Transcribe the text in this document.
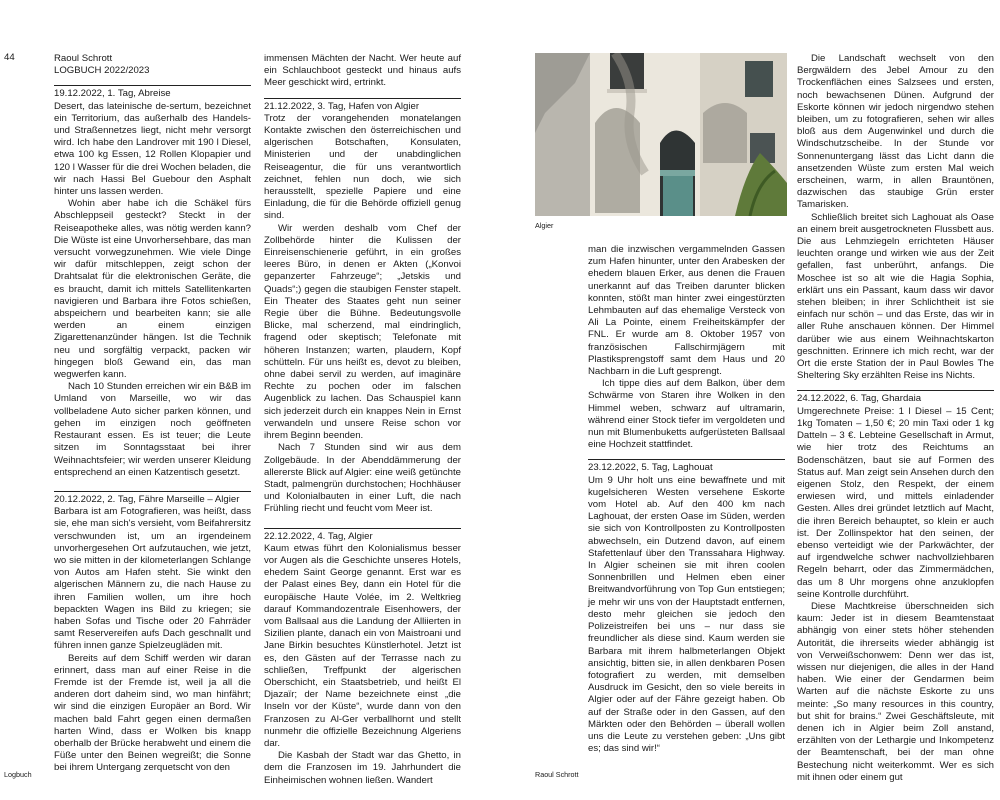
44	Raoul Schrott
LOGBUCH 2022/2023
19.12.2022, 1. Tag, Abreise

Desert, das lateinische de-sertum, bezeichnet ein Territorium, das außerhalb des Handels- und Straßennetzes liegt, nicht mehr versorgt wird. Ich habe den Landrover mit 190 l Diesel, etwa 100 kg Essen, 12 Rollen Klopapier und 120 l Wasser für die drei Wochen beladen, die wir nach Hassi Bel Guebour den Asphalt hinter uns lassen werden.

Wohin aber habe ich die Schäkel fürs Abschleppseil gesteckt? Steckt in der Reiseapotheke alles, was nötig werden kann? Die Wüste ist eine Unvorhersehbare, das man versucht vorwegzunehmen. Wie viele Dinge wir dafür mitschleppen, zeigt schon der Drahtsalat für die elektronischen Geräte, die es braucht, damit ich mittels Satellitenkarten navigieren und Barbara ihre Fotos schießen, abspeichern und bearbeiten kann; sie alle werden an einem einzigen Zigarettenanzünder hängen. Ist die Technik neu und sorgfältig verpackt, packen wir hingegen bloß Gewand ein, das man wegwerfen kann.

Nach 10 Stunden erreichen wir ein B&B im Umland von Marseille, wo wir das vollbeladene Auto sicher parken können, und gehen im einzigen noch geöffneten Restaurant essen. Es ist teuer; die Leute sitzen im Sonntagsstaat bei ihrer Weihnachtsfeier; wir werden unserer Kleidung entsprechend an einen Katzentisch gesetzt.

20.12.2022, 2. Tag, Fähre Marseille – Algier

Barbara ist am Fotografieren, was heißt, dass sie, ehe man sich's versieht, vom Beifahrersitz verschwunden ist, um an irgendeinem unvorhergesehen Ort aufzutauchen, wie jetzt, wo sie mitten in der kilometerlangen Schlange von Autos am Hafen steht. Sie winkt den algerischen Männern zu, die nach Hause zu ihren Familien wollen, um ihre hoch bepackten Wagen ins Bild zu kriegen; sie haben Sofas und Tische oder 20 Fahrräder samt Reservereifen aufs Dach geschnallt und führen innen ganze Spielzeugläden mit.

Bereits auf dem Schiff werden wir daran erinnert, dass man auf einer Reise in die Fremde ist der Fremde ist, weil ja all die anderen dort daheim sind, wo man hinfährt; wir sind die einzigen Europäer an Bord. Wir machen bald Fahrt gegen einen dermaßen harten Wind, dass er Wolken bis knapp oberhalb der Brücke herabweht und einem die Füße unter den Beinen wegreißt; die Sonne bei ihrem Untergang zerquetscht von den

immensen Mächten der Nacht. Wer heute auf ein Schlauchboot gesteckt und hinaus aufs Meer geschickt wird, ertrinkt.

21.12.2022, 3. Tag, Hafen von Algier

Trotz der vorangehenden monatelangen Kontakte zwischen den österreichischen und algerischen Botschaften, Konsulaten, Ministerien und der unabdinglichen Reiseagentur, die für uns verantwortlich zeichnet, fehlen nun doch, wie sich herausstellt, spezielle Papiere und eine Einladung, die für die Behörde offiziell genug sind.

Wir werden deshalb vom Chef der Zollbehörde hinter die Kulissen der Einreisenschienerie geführt, in ein großes leeres Büro, in denen er Akten („Konvoi gepanzerter Fahrzeuge“; „Jetskis und Quads“;) gegen die staubigen Fenster stapelt. Ein Theater des Staates geht nun seiner Regie über die Bühne. Bedeutungsvolle Blicke, mal scherzend, mal eindringlich, fragend oder skeptisch; Telefonate mit höheren Instanzen; warten, plaudern, Kopf schütteln. Für uns heißt es, devot zu bleiben, ohne dabei servil zu werden, auf imaginäre Rechte zu pochen oder im falschen Augenblick zu lachen. Das Schauspiel kann sich jederzeit durch ein knappes Nein in Ernst verwandeln und unsere Reise schon vor ihrem Beginn beenden.

Nach 7 Stunden sind wir aus dem Zollgebäude. In der Abenddämmerung der allererste Blick auf Algier: eine weiß getünchte Stadt, palmengrün durchstochen; Hochhäuser und Kolonialbauten in einer Luft, die nach Frühling riecht und feucht vom Meer ist.

22.12.2022, 4. Tag, Algier

Kaum etwas führt den Kolonialismus besser vor Augen als die Geschichte unseres Hotels, ehedem Saint George genannt. Erst war es der Palast eines Bey, dann ein Hotel für die europäische Haute Volée, im 2. Weltkrieg darauf Kommandozentrale Eisenhowers, der vom Ballsaal aus die Landung der Alliierten in Sizilien plante, danach ein von Maistroani und Jane Birkin besuchtes Künstlerhotel. Jetzt ist es, den Gästen auf der Terrasse nach zu schließen, Treffpunkt der algerischen Oberschicht, ein Staatsbetrieb, und heißt El Djazaïr; der Name bezeichnete einst „die Inseln vor der Küste“, wurde dann von den Franzosen zu Al-Ger verballhornt und stellt nunmehr die offizielle Bezeichnung Algeriens dar.

Die Kasbah der Stadt war das Ghetto, in dem die Franzosen im 19. Jahrhundert die Einheimischen wohnen ließen. Wandert

Logbuch
Algier

man die inzwischen vergammelnden Gassen zum Hafen hinunter, unter den Arabesken der ehedem blauen Erker, aus denen die Frauen unerkannt auf das Treiben darunter blicken konnten, stößt man hinter zwei eingestürzten Lehmbauten auf das ehemalige Versteck von Ali La Pointe, einem Freiheitskämpfer der FNL. Er wurde am 8. Oktober 1957 von französischen Fallschirmjägern mit Plastiksprengstoff samt dem Haus und 20 Nachbarn in die Luft gesprengt.

Ich tippe dies auf dem Balkon, über dem Schwärme von Staren ihre Wolken in den Himmel weben, schwarz auf ultramarin, während einer Stock tiefer im vergoldeten und nun mit Blumenbuketts aufgerüsteten Ballsaal eine Hochzeit stattfindet.

23.12.2022, 5. Tag, Laghouat

Um 9 Uhr holt uns eine bewaffnete und mit kugelsicheren Westen versehene Eskorte vom Hotel ab. Auf den 400 km nach Laghouat, der ersten Oase im Süden, werden sie sich von Kontrollposten zu Kontrollposten abwechseln, ein Dutzend davon, auf einem Stafettenlauf über den Transsahara Highway. In Algier scheinen sie mit ihren coolen Sonnenbrillen und Helmen eben einer Breitwandvorführung von Top Gun entstiegen; je mehr wir uns von der Hauptstadt entfernen, desto mehr gleichen sie jedoch den Polizeistreifen bei uns – nur dass sie freundlicher als diese sind. Kaum werden sie Barbara mit ihrem halbmeterlangen Objekt ansichtig, bitten sie, in allen denkbaren Posen fotografiert zu werden, mit demselben Ausdruck im Gesicht, den so viele bereits in Algier oder auf der Fähre gezeigt haben. Ob auf der Straße oder in den Gassen, auf den Märkten oder den Behörden – überall wollen uns die Leute zu verstehen geben: „Uns gibt es; das sind wir!“

Die Landschaft wechselt von den Bergwäldern des Jebel Amour zu den Trockenflächen eines Salzsees und ersten, noch bewachsenen Dünen. Aufgrund der Eskorte können wir jedoch nirgendwo stehen bleiben, um zu fotografieren, sehen wir alles bloß aus dem Augenwinkel und durch die Windschutzscheibe. In der Stunde vor Sonnenuntergang lässt das Licht dann die ansetzenden Wüste zum ersten Mal weich erscheinen, warm, in allen Brauntönen, dazwischen das staubige Grün erster Tamarisken.

Schließlich breitet sich Laghouat als Oase an einem breit ausgetrockneten Flussbett aus. Die aus Lehmziegeln errichteten Häuser leuchten orange und wirken wie aus der Zeit gefallen, fast unberührt, anfangs. Die Moschee ist so alt wie die Hagia Sophia, erklärt uns ein Passant, kaum dass wir davor stehen bleiben; in ihrer Schlichtheit ist sie einfach nur schön – und das Erste, das wir in aller Ruhe anschauen können. Der Himmel darüber wie aus einem Weihnachtskarton geschnitten. Erinnere ich mich recht, war der Ort die erste Station der in Paul Bowles The Sheltering Sky erzählten Reise ins Nichts.

24.12.2022, 6. Tag, Ghardaia

Umgerechnete Preise: 1 l Diesel – 15 Cent; 1kg Tomaten – 1,50 €; 20 min Taxi oder 1 kg Datteln – 3 €. Lebteine Gesellschaft in Armut, wie hier trotz des Reichtums an Bodenschätzen, baut sie auf Formen des Status auf. Man zeigt sein Ansehen durch den eigenen Stolz, den Respekt, der einem erwiesen wird, und mittels einladender Gesten. Alles drei gründet letztlich auf Macht, die ihren Bereich behauptet, so klein er auch ist. Der Zollinspektor hat den seinen, der ebenso verteidigt wie der Parkwächter, der auf irgendwelche schwer nachvollziehbaren Regeln beharrt, oder das Zimmermädchen, das um 8 Uhr morgens ohne anzuklopfen seine Kontrolle durchführt.

Diese Machtkreise überschneiden sich kaum: Jeder ist in diesem Beamtenstaat abhängig von einer stets höher stehenden Autorität, die ihrerseits wieder abhängig ist von Verweißschonwem: Denn wer das ist, wissen nur diejenigen, die alles in der Hand haben. Wie einer der Gendarmen beim Warten auf die nächste Eskorte zu uns meinte: „So many resources in this country, but shit for brains.“ Zwei Geschäftsleute, mit denen ich in Algier beim Zoll anstand, erzählten von der Lethargie und Inkompetenz der Beamtenschaft, bei der man ohne Bestechung nicht weiterkommt. Wer es sich mit ihnen oder einem gut

Raoul Schrott
